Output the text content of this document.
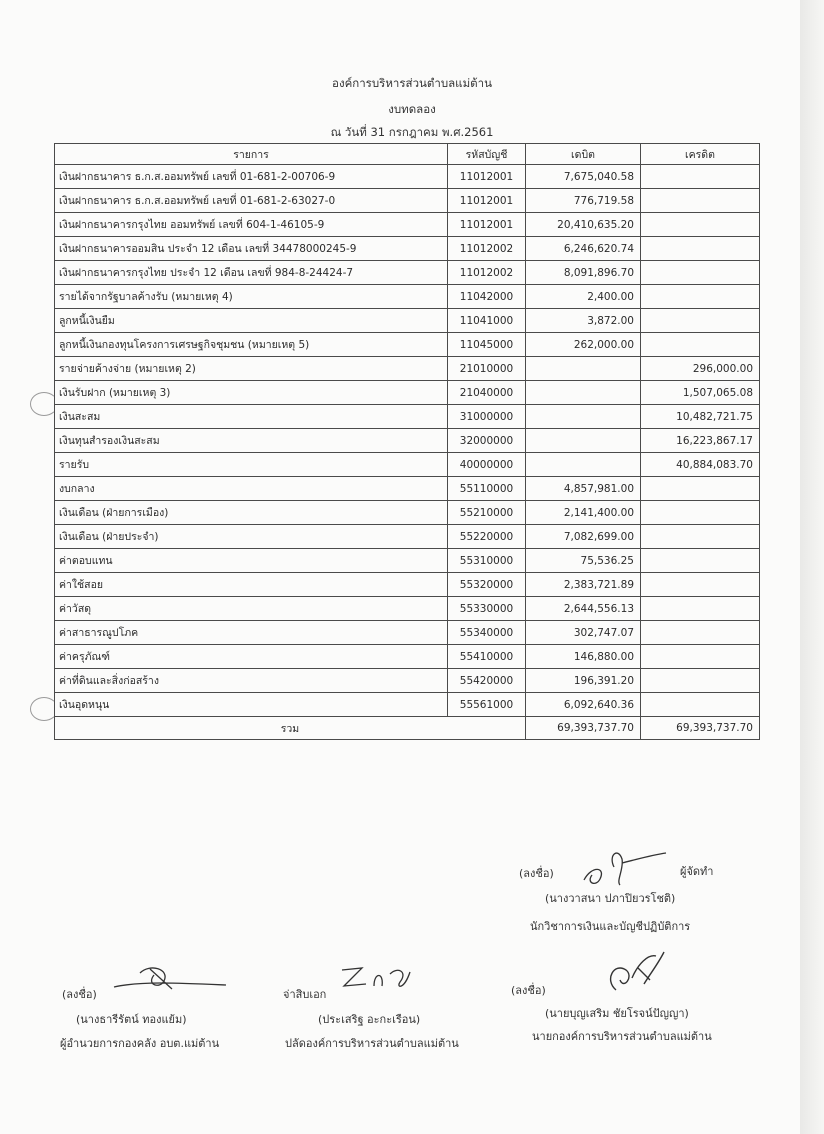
องค์การบริหารส่วนตำบลแม่ต้าน
งบทดลอง
ณ วันที่ 31 กรกฎาคม พ.ศ.2561
รายการ	รหัสบัญชี	เดบิต	เครดิต
เงินฝากธนาคาร ธ.ก.ส.ออมทรัพย์ เลขที่ 01-681-2-00706-9	11012001	7,675,040.58	
เงินฝากธนาคาร ธ.ก.ส.ออมทรัพย์ เลขที่ 01-681-2-63027-0	11012001	776,719.58	
เงินฝากธนาคารกรุงไทย ออมทรัพย์ เลขที่ 604-1-46105-9	11012001	20,410,635.20	
เงินฝากธนาคารออมสิน ประจำ 12 เดือน เลขที่ 34478000245-9	11012002	6,246,620.74	
เงินฝากธนาคารกรุงไทย ประจำ 12 เดือน เลขที่ 984-8-24424-7	11012002	8,091,896.70	
รายได้จากรัฐบาลค้างรับ (หมายเหตุ 4)	11042000	2,400.00	
ลูกหนี้เงินยืม	11041000	3,872.00	
ลูกหนี้เงินกองทุนโครงการเศรษฐกิจชุมชน (หมายเหตุ 5)	11045000	262,000.00	
รายจ่ายค้างจ่าย (หมายเหตุ 2)	21010000		296,000.00
เงินรับฝาก (หมายเหตุ 3)	21040000		1,507,065.08
เงินสะสม	31000000		10,482,721.75
เงินทุนสำรองเงินสะสม	32000000		16,223,867.17
รายรับ	40000000		40,884,083.70
งบกลาง	55110000	4,857,981.00	
เงินเดือน (ฝ่ายการเมือง)	55210000	2,141,400.00	
เงินเดือน (ฝ่ายประจำ)	55220000	7,082,699.00	
ค่าตอบแทน	55310000	75,536.25	
ค่าใช้สอย	55320000	2,383,721.89	
ค่าวัสดุ	55330000	2,644,556.13	
ค่าสาธารณูปโภค	55340000	302,747.07	
ค่าครุภัณฑ์	55410000	146,880.00	
ค่าที่ดินและสิ่งก่อสร้าง	55420000	196,391.20	
เงินอุดหนุน	55561000	6,092,640.36	
รวม		69,393,737.70	69,393,737.70
(ลงชื่อ)	ผู้จัดทำ
(นางวาสนา ปภาปิยวรโชติ)
นักวิชาการเงินและบัญชีปฏิบัติการ
(ลงชื่อ)
(นางธารีรัตน์ ทองแย้ม)
ผู้อำนวยการกองคลัง อบต.แม่ต้าน
จ่าสิบเอก
(ประเสริฐ อะกะเรือน)
ปลัดองค์การบริหารส่วนตำบลแม่ต้าน
(ลงชื่อ)
(นายบุญเสริม ชัยโรจน์ปัญญา)
นายกองค์การบริหารส่วนตำบลแม่ต้าน
